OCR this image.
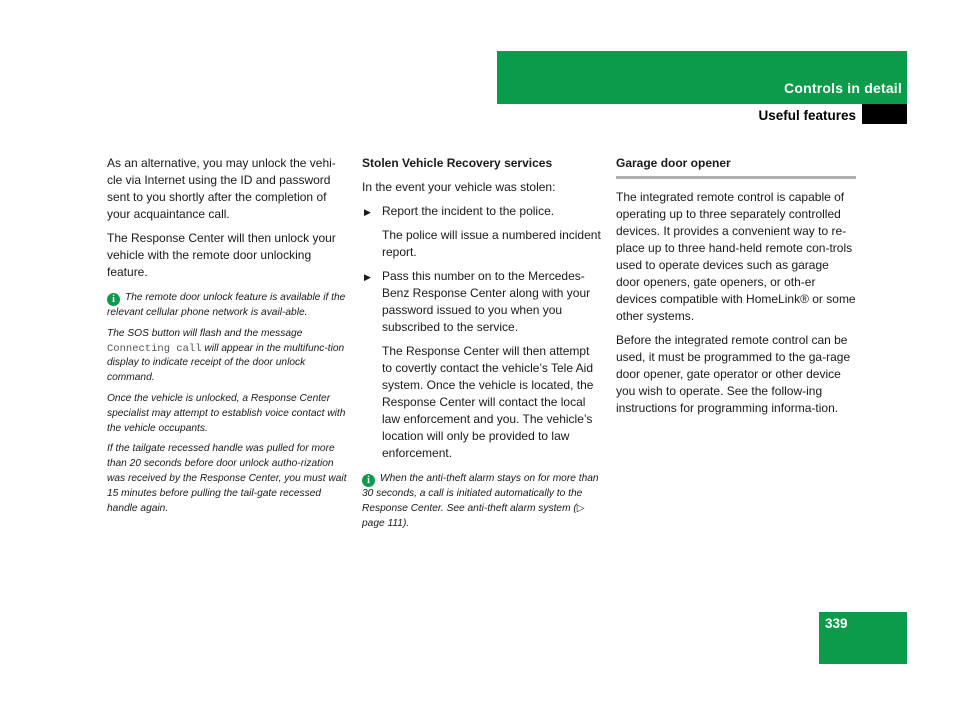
Controls in detail
Useful features

As an alternative, you may unlock the vehi-cle via Internet using the ID and password sent to you shortly after the completion of your acquaintance call.

The Response Center will then unlock your vehicle with the remote door unlocking feature.

i The remote door unlock feature is available if the relevant cellular phone network is avail-able.

The SOS button will flash and the message
Connecting call will appear in the multifunc-tion display to indicate receipt of the door unlock command.

Once the vehicle is unlocked, a Response Center specialist may attempt to establish voice contact with the vehicle occupants.

If the tailgate recessed handle was pulled for more than 20 seconds before door unlock autho-rization was received by the Response Center, you must wait 15 minutes before pulling the tail-gate recessed handle again.

Stolen Vehicle Recovery services

In the event your vehicle was stolen:

▶ Report the incident to the police.
The police will issue a numbered incident report.
▶ Pass this number on to the Mercedes-Benz Response Center along with your password issued to you when you subscribed to the service.
The Response Center will then attempt to covertly contact the vehicle’s Tele Aid system. Once the vehicle is located, the Response Center will contact the local law enforcement and you. The vehicle’s location will only be provided to law enforcement.

i When the anti-theft alarm stays on for more than 30 seconds, a call is initiated automatically to the Response Center. See anti-theft alarm system (▷ page 111).

Garage door opener

The integrated remote control is capable of operating up to three separately controlled devices. It provides a convenient way to re-place up to three hand-held remote con-trols used to operate devices such as garage door openers, gate openers, or oth-er devices compatible with HomeLink® or some other systems.

Before the integrated remote control can be used, it must be programmed to the ga-rage door opener, gate operator or other device you wish to operate. See the follow-ing instructions for programming informa-tion.

339
